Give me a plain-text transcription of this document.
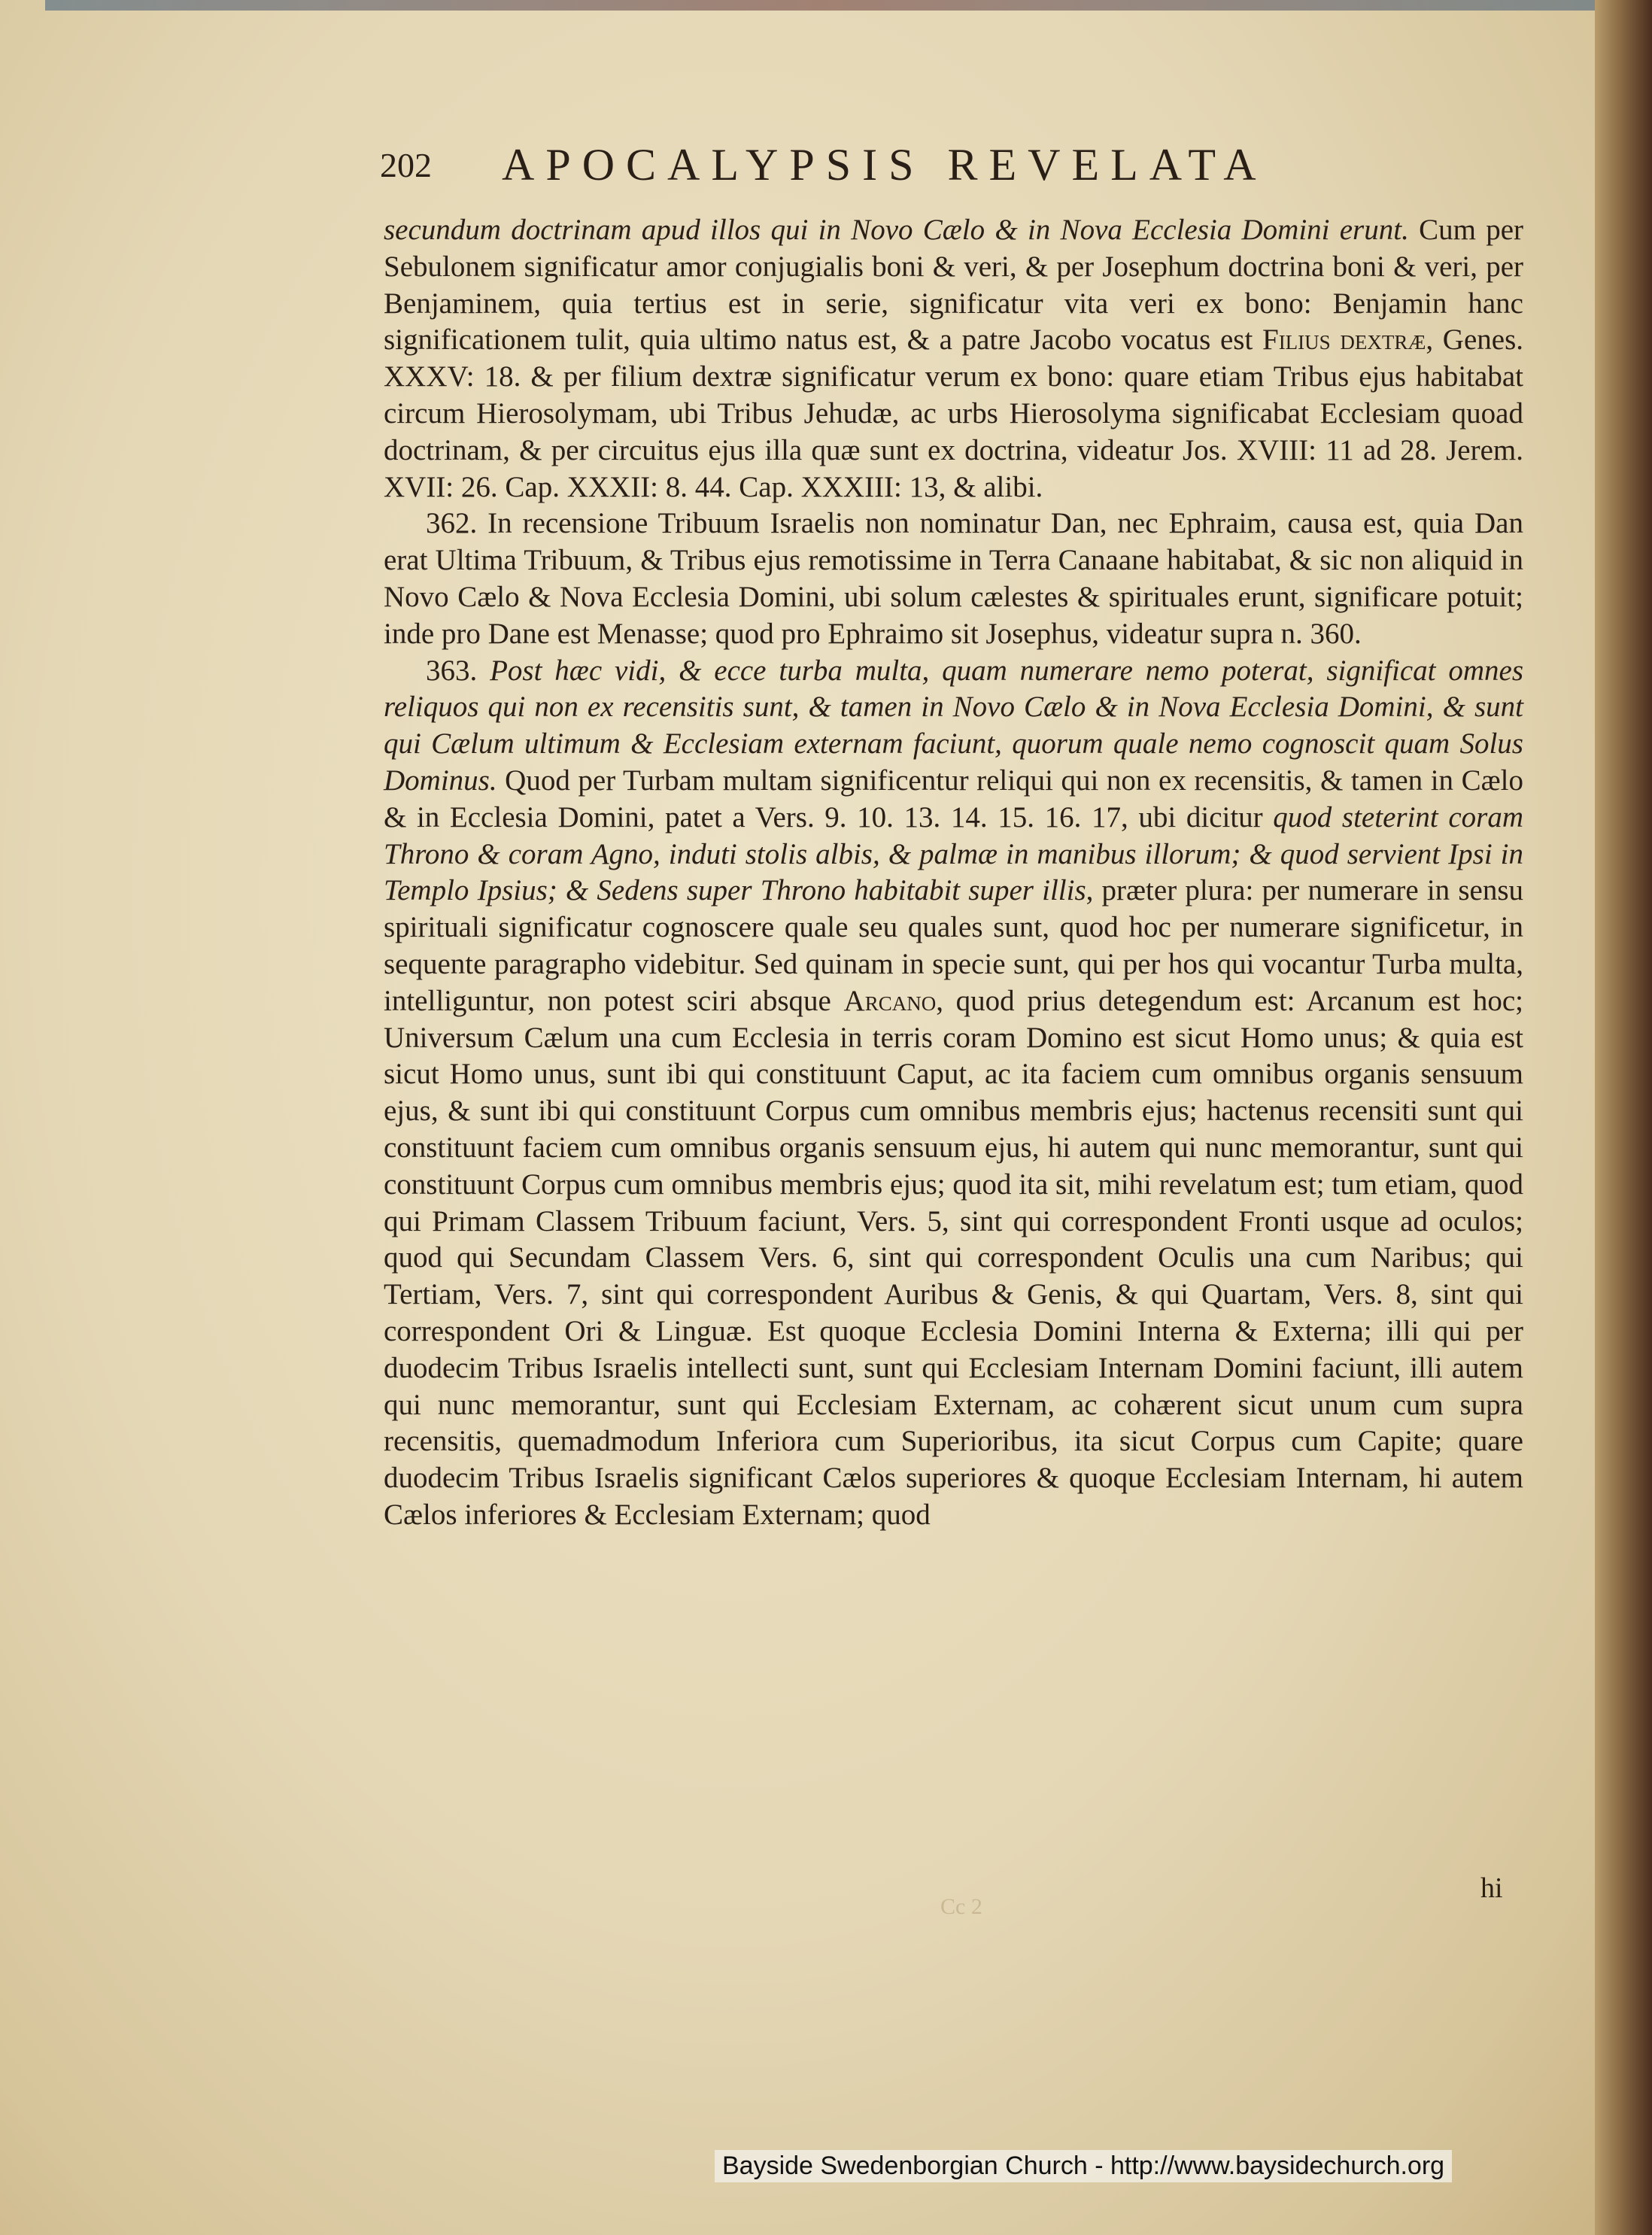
202 APOCALYPSIS REVELATA

secundum doctrinam apud illos qui in Novo Cælo & in Nova Ecclesia Domini erunt. Cum per Sebulonem significatur amor conjugialis boni & veri, & per Josephum doctrina boni & veri, per Benjaminem, quia tertius est in serie, significatur vita veri ex bono: Benjamin hanc significationem tulit, quia ultimo natus est, & a patre Jacobo vocatus est Filius dextræ, Genes. XXXV: 18. & per filium dextræ significatur verum ex bono: quare etiam Tribus ejus habitabat circum Hierosolymam, ubi Tribus Jehudæ, ac urbs Hierosolyma significabat Ecclesiam quoad doctrinam, & per circuitus ejus illa quæ sunt ex doctrina, videatur Jos. XVIII: 11 ad 28. Jerem. XVII: 26. Cap. XXXII: 8. 44. Cap. XXXIII: 13, & alibi.

362. In recensione Tribuum Israelis non nominatur Dan, nec Ephraim, causa est, quia Dan erat Ultima Tribuum, & Tribus ejus remotissime in Terra Canaane habitabat, & sic non aliquid in Novo Cælo & Nova Ecclesia Domini, ubi solum cælestes & spirituales erunt, significare potuit; inde pro Dane est Menasse; quod pro Ephraimo sit Josephus, videatur supra n. 360.

363. Post hæc vidi, & ecce turba multa, quam numerare nemo poterat, significat omnes reliquos qui non ex recensitis sunt, & tamen in Novo Cælo & in Nova Ecclesia Domini, & sunt qui Cælum ultimum & Ecclesiam externam faciunt, quorum quale nemo cognoscit quam Solus Dominus. Quod per Turbam multam significentur reliqui qui non ex recensitis, & tamen in Cælo & in Ecclesia Domini, patet a Vers. 9. 10. 13. 14. 15. 16. 17, ubi dicitur quod steterint coram Throno & coram Agno, induti stolis albis, & palmæ in manibus illorum; & quod servient Ipsi in Templo Ipsius; & Sedens super Throno habitabit super illis, præter plura: per numerare in sensu spirituali significatur cognoscere quale seu quales sunt, quod hoc per numerare significetur, in sequente paragrapho videbitur. Sed quinam in specie sunt, qui per hos qui vocantur Turba multa, intelliguntur, non potest sciri absque Arcano, quod prius detegendum est: Arcanum est hoc; Universum Cælum una cum Ecclesia in terris coram Domino est sicut Homo unus; & quia est sicut Homo unus, sunt ibi qui constituunt Caput, ac ita faciem cum omnibus organis sensuum ejus, & sunt ibi qui constituunt Corpus cum omnibus membris ejus; hactenus recensiti sunt qui constituunt faciem cum omnibus organis sensuum ejus, hi autem qui nunc memorantur, sunt qui constituunt Corpus cum omnibus membris ejus; quod ita sit, mihi revelatum est; tum etiam, quod qui Primam Classem Tribuum faciunt, Vers. 5, sint qui correspondent Fronti usque ad oculos; quod qui Secundam Classem Vers. 6, sint qui correspondent Oculis una cum Naribus; qui Tertiam, Vers. 7, sint qui correspondent Auribus & Genis, & qui Quartam, Vers. 8, sint qui correspondent Ori & Linguæ. Est quoque Ecclesia Domini Interna & Externa; illi qui per duodecim Tribus Israelis intellecti sunt, sunt qui Ecclesiam Internam Domini faciunt, illi autem qui nunc memorantur, sunt qui Ecclesiam Externam, ac cohærent sicut unum cum supra recensitis, quemadmodum Inferiora cum Superioribus, ita sicut Corpus cum Capite; quare duodecim Tribus Israelis significant Cælos superiores & quoque Ecclesiam Internam, hi autem Cælos inferiores & Ecclesiam Externam; quod

Cc 2
hi
Bayside Swedenborgian Church - http://www.baysidechurch.org
